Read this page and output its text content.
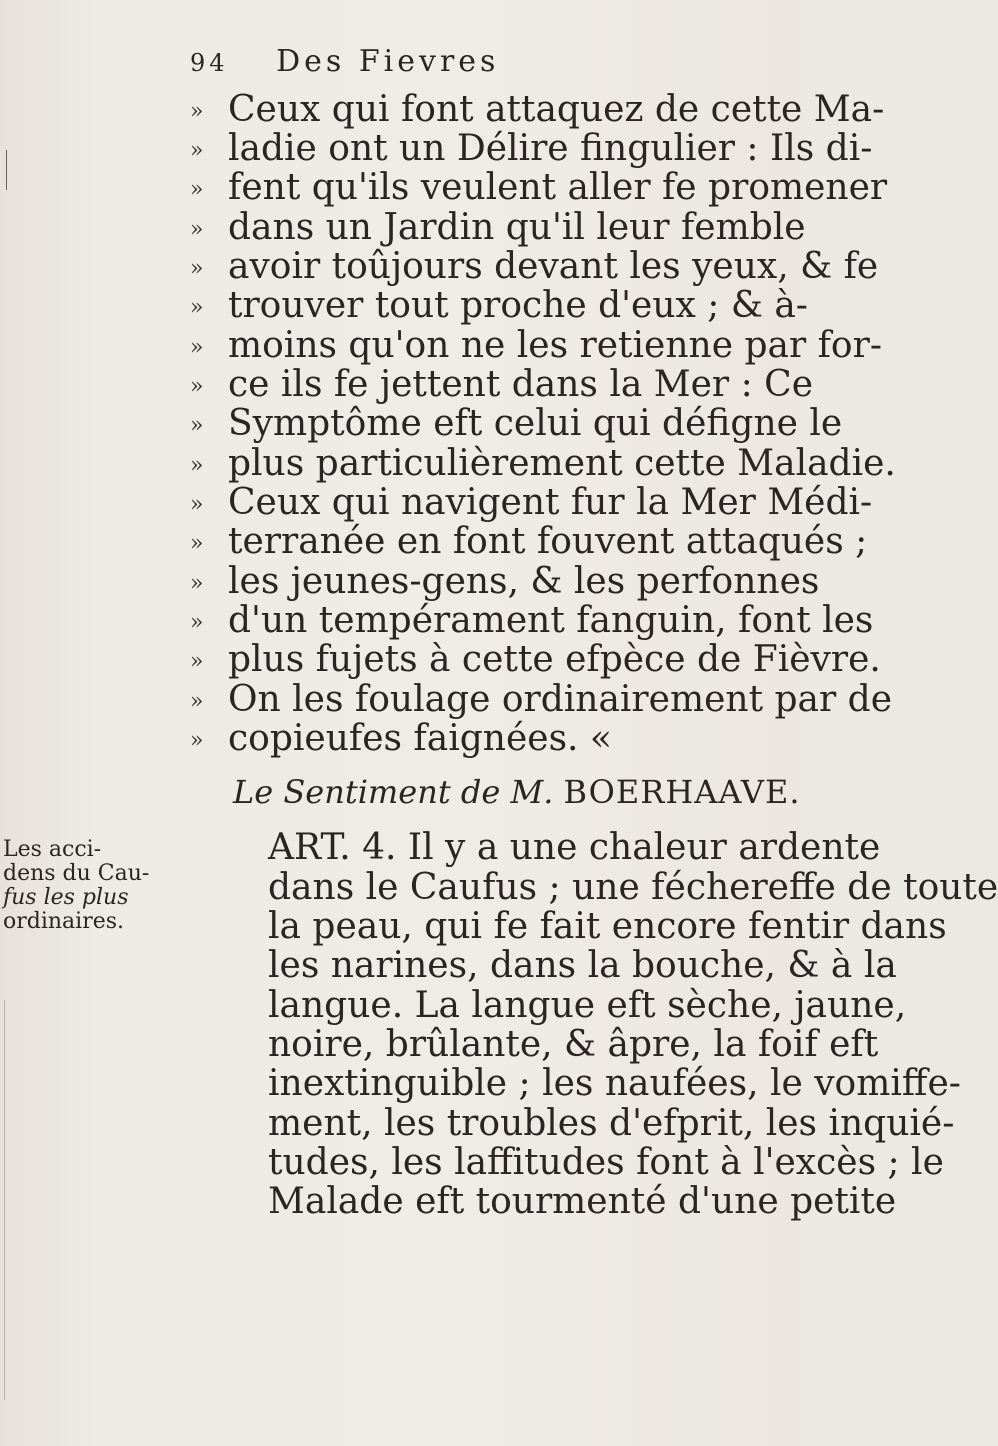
94 Des Fievres
» Ceux qui font attaquez de cette Ma-
» ladie ont un Délire fingulier : Ils di-
» fent qu'ils veulent aller fe promener
» dans un Jardin qu'il leur femble
» avoir toûjours devant les yeux, & fe
» trouver tout proche d'eux ; & à-
» moins qu'on ne les retienne par for-
» ce ils fe jettent dans la Mer : Ce
» Symptôme eft celui qui défigne le
» plus particulièrement cette Maladie.
» Ceux qui navigent fur la Mer Médi-
» terranée en font fouvent attaqués ;
» les jeunes-gens, & les perfonnes
» d'un tempérament fanguin, font les
» plus fujets à cette efpèce de Fièvre.
» On les foulage ordinairement par de
» copieufes faignées. «
Le Sentiment de M. BOERHAAVE.
Les acci-
dens du Cau-
fus les plus
ordinaires.
ART. 4. Il y a une chaleur ardente
dans le Caufus ; une féchereffe de toute
la peau, qui fe fait encore fentir dans
les narines, dans la bouche, & à la
langue. La langue eft sèche, jaune,
noire, brûlante, & âpre, la foif eft
inextinguible ; les naufées, le vomiffe-
ment, les troubles d'efprit, les inquié-
tudes, les laffitudes font à l'excès ; le
Malade eft tourmenté d'une petite
